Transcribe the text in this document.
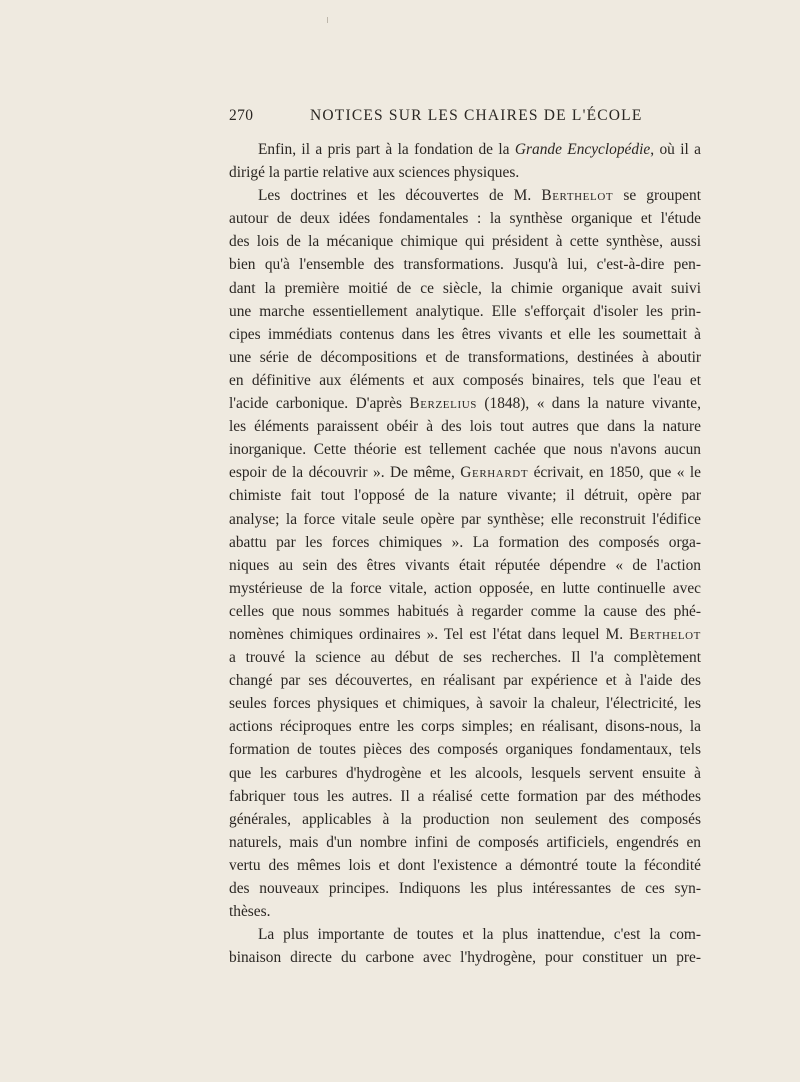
270	NOTICES SUR LES CHAIRES DE L'ÉCOLE
Enfin, il a pris part à la fondation de la Grande Encyclopédie, où il a
dirigé la partie relative aux sciences physiques.
Les doctrines et les découvertes de M. Berthelot se groupent
autour de deux idées fondamentales : la synthèse organique et l'étude
des lois de la mécanique chimique qui président à cette synthèse, aussi
bien qu'à l'ensemble des transformations. Jusqu'à lui, c'est-à-dire pen-
dant la première moitié de ce siècle, la chimie organique avait suivi
une marche essentiellement analytique. Elle s'efforçait d'isoler les prin-
cipes immédiats contenus dans les êtres vivants et elle les soumettait à
une série de décompositions et de transformations, destinées à aboutir
en définitive aux éléments et aux composés binaires, tels que l'eau et
l'acide carbonique. D'après Berzelius (1848), « dans la nature vivante,
les éléments paraissent obéir à des lois tout autres que dans la nature
inorganique. Cette théorie est tellement cachée que nous n'avons aucun
espoir de la découvrir ». De même, Gerhardt écrivait, en 1850, que « le
chimiste fait tout l'opposé de la nature vivante; il détruit, opère par
analyse; la force vitale seule opère par synthèse; elle reconstruit l'édifice
abattu par les forces chimiques ». La formation des composés orga-
niques au sein des êtres vivants était réputée dépendre « de l'action
mystérieuse de la force vitale, action opposée, en lutte continuelle avec
celles que nous sommes habitués à regarder comme la cause des phé-
nomènes chimiques ordinaires ». Tel est l'état dans lequel M. Berthelot
a trouvé la science au début de ses recherches. Il l'a complètement
changé par ses découvertes, en réalisant par expérience et à l'aide des
seules forces physiques et chimiques, à savoir la chaleur, l'électricité, les
actions réciproques entre les corps simples; en réalisant, disons-nous, la
formation de toutes pièces des composés organiques fondamentaux, tels
que les carbures d'hydrogène et les alcools, lesquels servent ensuite à
fabriquer tous les autres. Il a réalisé cette formation par des méthodes
générales, applicables à la production non seulement des composés
naturels, mais d'un nombre infini de composés artificiels, engendrés en
vertu des mêmes lois et dont l'existence a démontré toute la fécondité
des nouveaux principes. Indiquons les plus intéressantes de ces syn-
thèses.
La plus importante de toutes et la plus inattendue, c'est la com-
binaison directe du carbone avec l'hydrogène, pour constituer un pre-
